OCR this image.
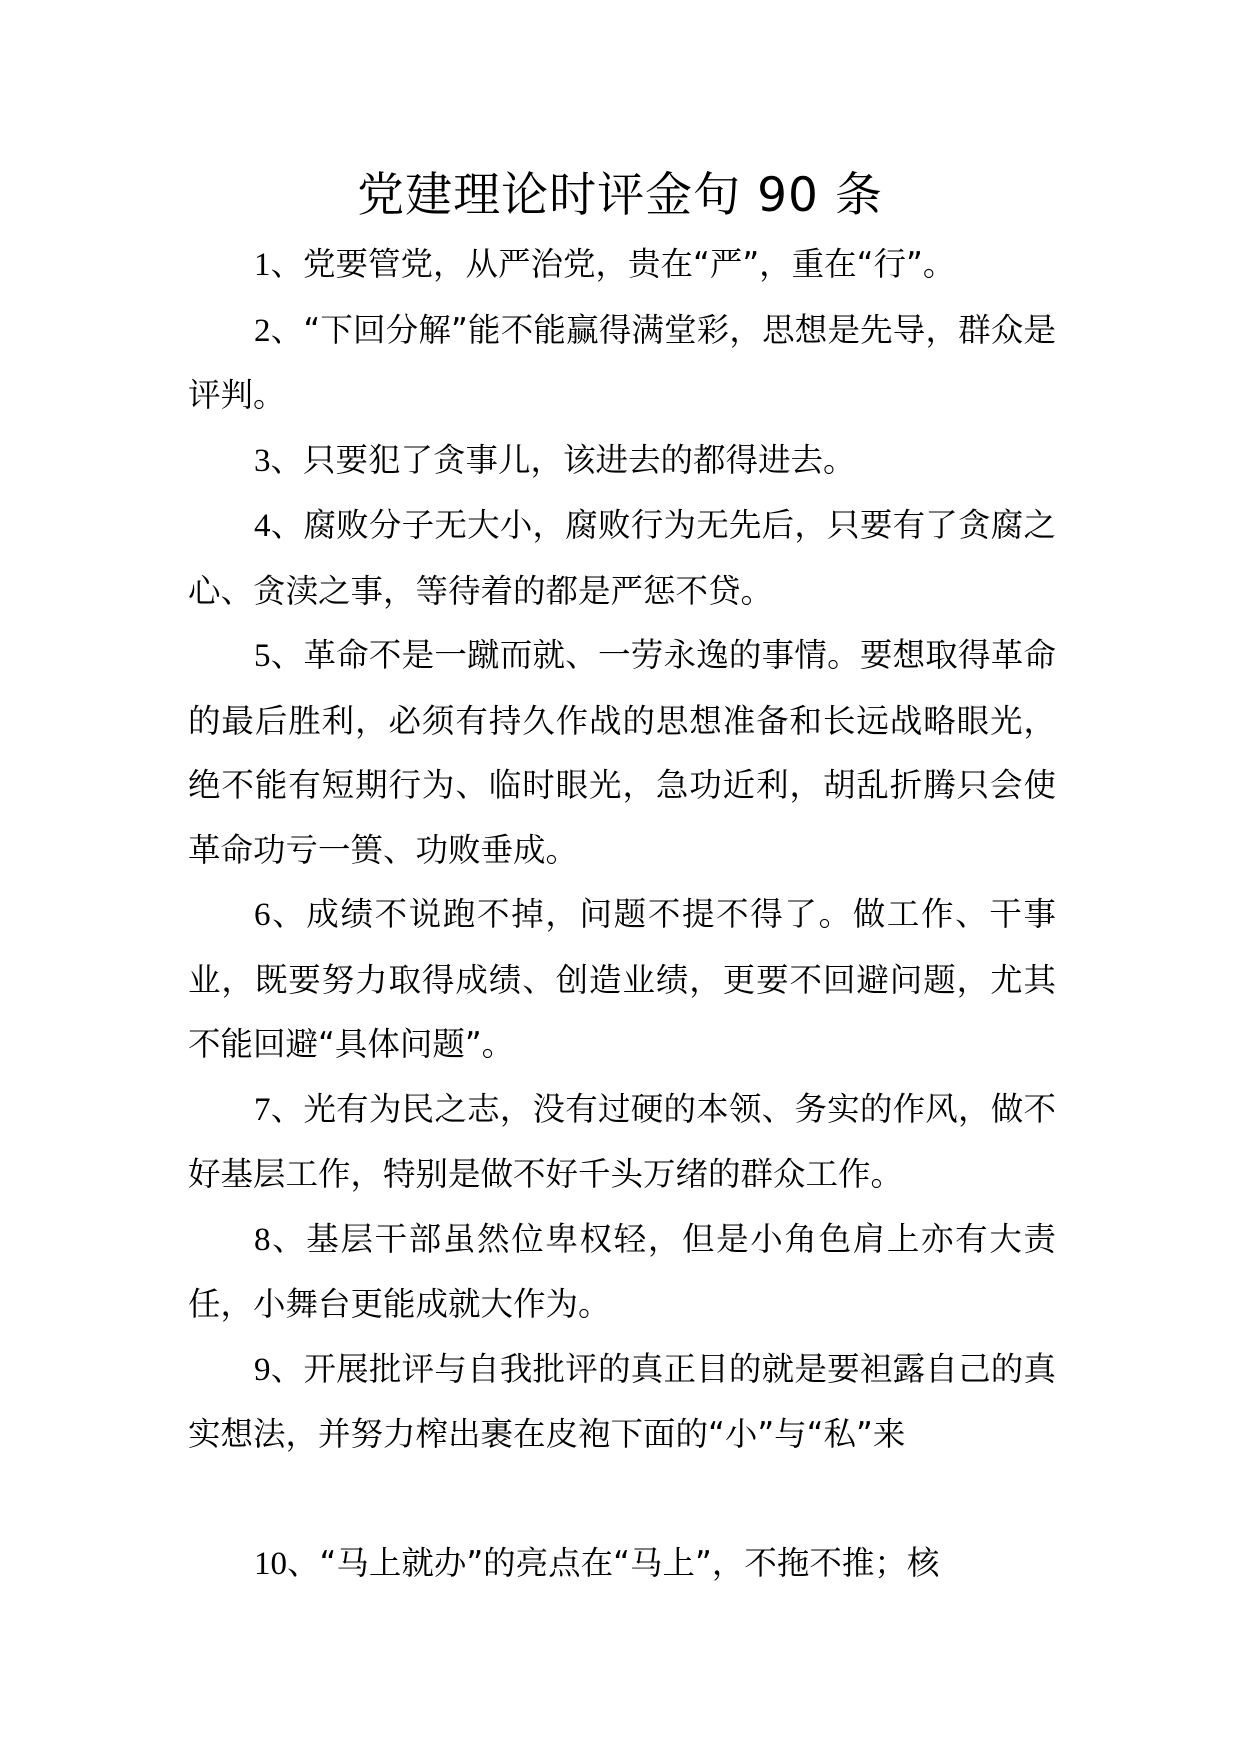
党建理论时评金句 90 条

1、党要管党，从严治党，贵在“严”，重在“行”。

2、“下回分解”能不能赢得满堂彩，思想是先导，群众是评判。

3、只要犯了贪事儿，该进去的都得进去。

4、腐败分子无大小，腐败行为无先后，只要有了贪腐之心、贪渎之事，等待着的都是严惩不贷。

5、革命不是一蹴而就、一劳永逸的事情。要想取得革命的最后胜利，必须有持久作战的思想准备和长远战略眼光，绝不能有短期行为、临时眼光，急功近利，胡乱折腾只会使革命功亏一篑、功败垂成。

6、成绩不说跑不掉，问题不提不得了。做工作、干事业，既要努力取得成绩、创造业绩，更要不回避问题，尤其不能回避“具体问题”。

7、光有为民之志，没有过硬的本领、务实的作风，做不好基层工作，特别是做不好千头万绪的群众工作。

8、基层干部虽然位卑权轻，但是小角色肩上亦有大责任，小舞台更能成就大作为。

9、开展批评与自我批评的真正目的就是要袒露自己的真实想法，并努力榨出裹在皮袍下面的“小”与“私”来

10、“马上就办”的亮点在“马上”，不拖不推；核
